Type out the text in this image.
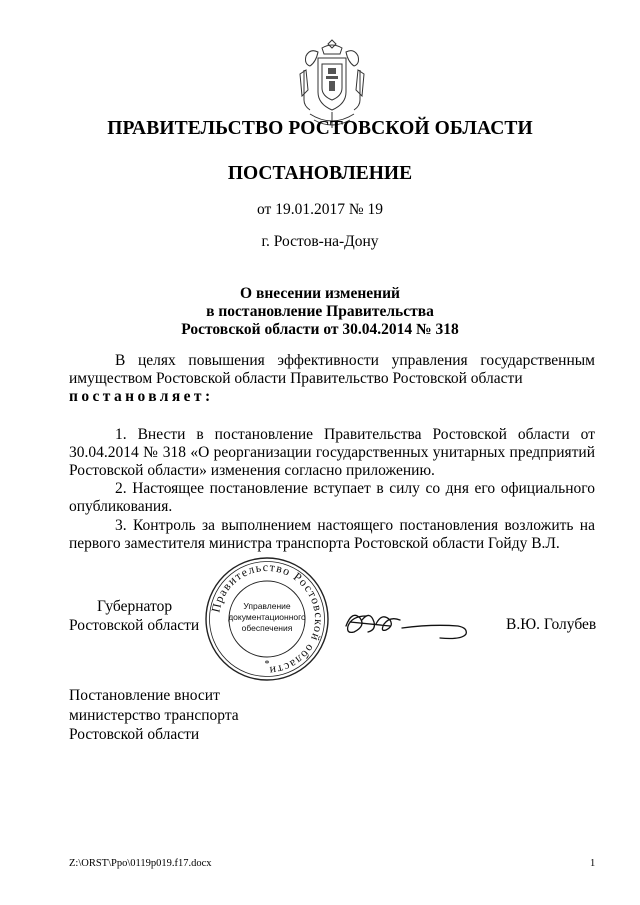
ПРАВИТЕЛЬСТВО РОСТОВСКОЙ ОБЛАСТИ
ПОСТАНОВЛЕНИЕ
от 19.01.2017 № 19
г. Ростов-на-Дону
О внесении изменений
в постановление Правительства
Ростовской области от 30.04.2014 № 318

В целях повышения эффективности управления государственным имуществом Ростовской области Правительство Ростовской области

постановляет:

1. Внести в постановление Правительства Ростовской области от 30.04.2014 № 318 «О реорганизации государственных унитарных предприятий Ростовской области» изменения согласно приложению.

2. Настоящее постановление вступает в силу со дня его официального опубликования.

3. Контроль за выполнением настоящего постановления возложить на первого заместителя министра транспорта Ростовской области Гойду В.Л.

Губернатор
Ростовской области
Правительство Ростовской области
Управление
документационного
обеспечения
*
В.Ю. Голубев
Постановление вносит
министерство транспорта
Ростовской области
Z:\ORST\Ppo\0119p019.f17.docx	1
